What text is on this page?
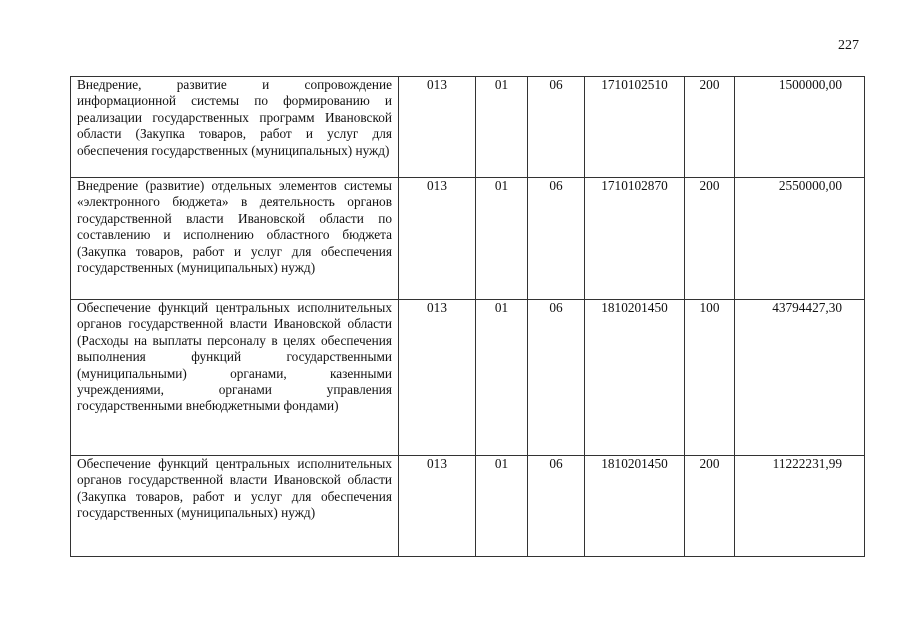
227
Внедрение, развитие и сопровождение информационной системы по формированию и реализации государственных программ Ивановской области (Закупка товаров, работ и услуг для обеспечения государственных (муниципальных) нужд)	013	01	06	1710102510	200	1500000,00
Внедрение (развитие) отдельных элементов системы «электронного бюджета» в деятельность органов государственной власти Ивановской области по составлению и исполнению областного бюджета (Закупка товаров, работ и услуг для обеспечения государственных (муниципальных) нужд)	013	01	06	1710102870	200	2550000,00
Обеспечение функций центральных исполнительных органов государственной власти Ивановской области (Расходы на выплаты персоналу в целях обеспечения выполнения функций государственными (муниципальными) органами, казенными учреждениями, органами управления государственными внебюджетными фондами)	013	01	06	1810201450	100	43794427,30
Обеспечение функций центральных исполнительных органов государственной власти Ивановской области (Закупка товаров, работ и услуг для обеспечения государственных (муниципальных) нужд)	013	01	06	1810201450	200	11222231,99
